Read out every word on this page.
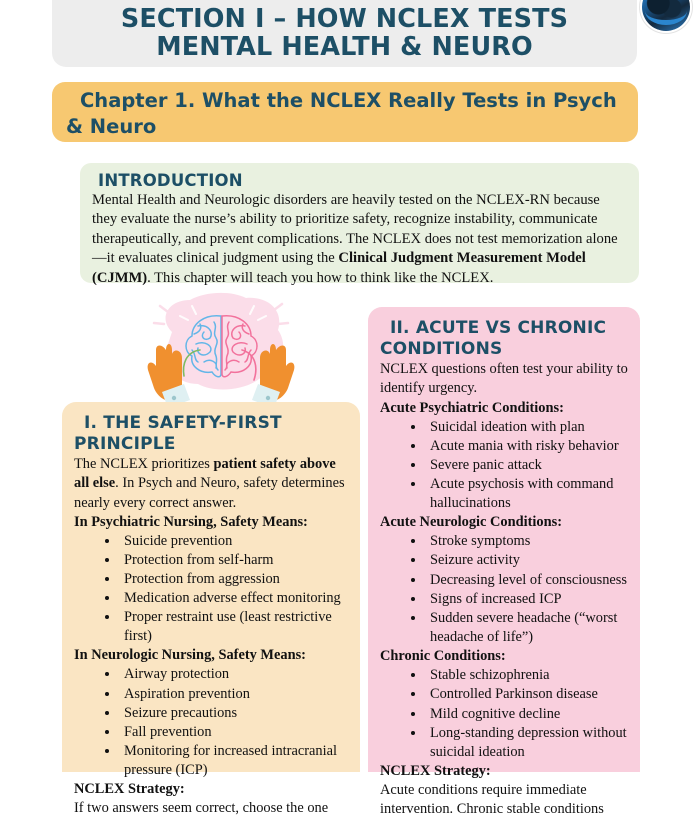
SECTION I – HOW NCLEX TESTS MENTAL HEALTH & NEURO
Chapter 1. What the NCLEX Really Tests in Psych & Neuro
INTRODUCTION

Mental Health and Neurologic disorders are heavily tested on the NCLEX-RN because they evaluate the nurse’s ability to prioritize safety, recognize instability, communicate therapeutically, and prevent complications. The NCLEX does not test memorization alone—it evaluates clinical judgment using the Clinical Judgment Measurement Model (CJMM). This chapter will teach you how to think like the NCLEX.

I. THE SAFETY-FIRST PRINCIPLE

The NCLEX prioritizes patient safety above all else. In Psych and Neuro, safety determines nearly every correct answer.

In Psychiatric Nursing, Safety Means:

• Suicide prevention
• Protection from self-harm
• Protection from aggression
• Medication adverse effect monitoring
• Proper restraint use (least restrictive first)

In Neurologic Nursing, Safety Means:

• Airway protection
• Aspiration prevention
• Seizure precautions
• Fall prevention
• Monitoring for increased intracranial pressure (ICP)

NCLEX Strategy:

If two answers seem correct, choose the one

II. ACUTE VS CHRONIC CONDITIONS

NCLEX questions often test your ability to identify urgency.

Acute Psychiatric Conditions:

• Suicidal ideation with plan
• Acute mania with risky behavior
• Severe panic attack
• Acute psychosis with command hallucinations

Acute Neurologic Conditions:

• Stroke symptoms
• Seizure activity
• Decreasing level of consciousness
• Signs of increased ICP
• Sudden severe headache (“worst headache of life”)

Chronic Conditions:

• Stable schizophrenia
• Controlled Parkinson disease
• Mild cognitive decline
• Long-standing depression without suicidal ideation

NCLEX Strategy:

Acute conditions require immediate intervention. Chronic stable conditions
